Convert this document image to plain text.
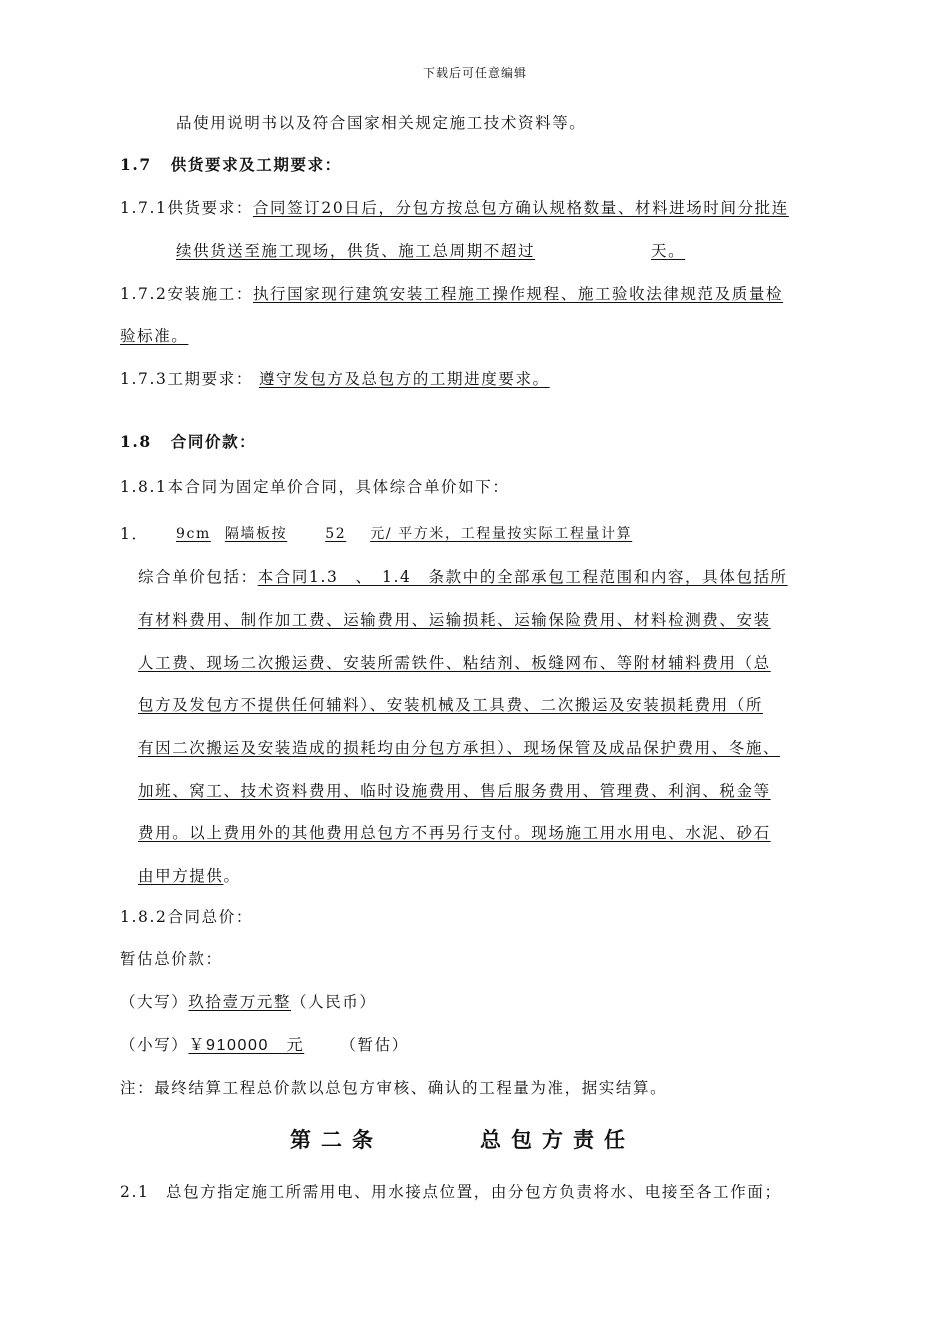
下载后可任意编辑
品使用说明书以及符合国家相关规定施工技术资料等。
1.7 供货要求及工期要求：
1.7.1供货要求：合同签订20日后，分包方按总包方确认规格数量、材料进场时间分批连
续供货送至施工现场，供货、施工总周期不超过	天。
1.7.2安装施工：执行国家现行建筑安装工程施工操作规程、施工验收法律规范及质量检
验标准。
1.7.3工期要求： 遵守发包方及总包方的工期进度要求。
1.8 合同价款：
1.8.1本合同为固定单价合同，具体综合单价如下：
1． 9cm 隔墙板按	52 元/ 平方米，工程量按实际工程量计算
综合单价包括：本合同1.3　、　1.4　条款中的全部承包工程范围和内容，具体包括所
有材料费用、制作加工费、运输费用、运输损耗、运输保险费用、材料检测费、安装
人工费、现场二次搬运费、安装所需铁件、粘结剂、板缝网布、等附材辅料费用（总
包方及发包方不提供任何辅料）、安装机械及工具费、二次搬运及安装损耗费用（所
有因二次搬运及安装造成的损耗均由分包方承担）、现场保管及成品保护费用、冬施、
加班、窝工、技术资料费用、临时设施费用、售后服务费用、管理费、利润、税金等
费用。以上费用外的其他费用总包方不再另行支付。现场施工用水用电、水泥、砂石
由甲方提供。
1.8.2合同总价：
暂估总价款：
（大写）玖拾壹万元整（人民币）
（小写）￥910000　元 （暂估）
注：最终结算工程总价款以总包方审核、确认的工程量为准，据实结算。
第二条	总包方责任
2.1 总包方指定施工所需用电、用水接点位置，由分包方负责将水、电接至各工作面；
